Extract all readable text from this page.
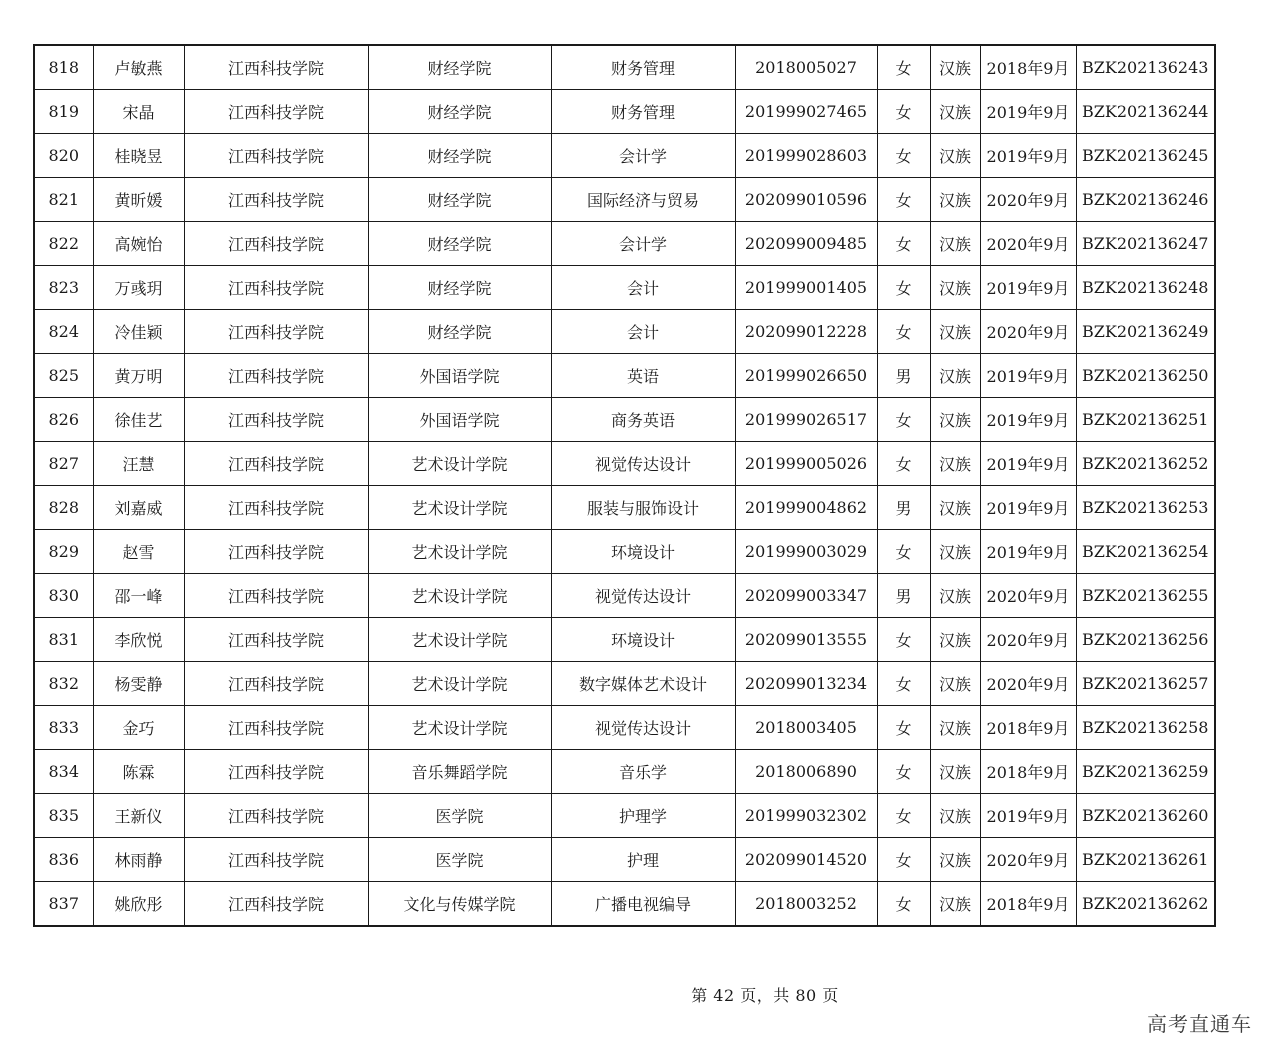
818	卢敏燕	江西科技学院	财经学院	财务管理	2018005027	女	汉族	2018年9月	BZK202136243
819	宋晶	江西科技学院	财经学院	财务管理	201999027465	女	汉族	2019年9月	BZK202136244
820	桂晓昱	江西科技学院	财经学院	会计学	201999028603	女	汉族	2019年9月	BZK202136245
821	黄昕媛	江西科技学院	财经学院	国际经济与贸易	202099010596	女	汉族	2020年9月	BZK202136246
822	高婉怡	江西科技学院	财经学院	会计学	202099009485	女	汉族	2020年9月	BZK202136247
823	万彧玥	江西科技学院	财经学院	会计	201999001405	女	汉族	2019年9月	BZK202136248
824	冷佳颖	江西科技学院	财经学院	会计	202099012228	女	汉族	2020年9月	BZK202136249
825	黄万明	江西科技学院	外国语学院	英语	201999026650	男	汉族	2019年9月	BZK202136250
826	徐佳艺	江西科技学院	外国语学院	商务英语	201999026517	女	汉族	2019年9月	BZK202136251
827	汪慧	江西科技学院	艺术设计学院	视觉传达设计	201999005026	女	汉族	2019年9月	BZK202136252
828	刘嘉威	江西科技学院	艺术设计学院	服装与服饰设计	201999004862	男	汉族	2019年9月	BZK202136253
829	赵雪	江西科技学院	艺术设计学院	环境设计	201999003029	女	汉族	2019年9月	BZK202136254
830	邵一峰	江西科技学院	艺术设计学院	视觉传达设计	202099003347	男	汉族	2020年9月	BZK202136255
831	李欣悦	江西科技学院	艺术设计学院	环境设计	202099013555	女	汉族	2020年9月	BZK202136256
832	杨雯静	江西科技学院	艺术设计学院	数字媒体艺术设计	202099013234	女	汉族	2020年9月	BZK202136257
833	金巧	江西科技学院	艺术设计学院	视觉传达设计	2018003405	女	汉族	2018年9月	BZK202136258
834	陈霖	江西科技学院	音乐舞蹈学院	音乐学	2018006890	女	汉族	2018年9月	BZK202136259
835	王新仪	江西科技学院	医学院	护理学	201999032302	女	汉族	2019年9月	BZK202136260
836	林雨静	江西科技学院	医学院	护理	202099014520	女	汉族	2020年9月	BZK202136261
837	姚欣彤	江西科技学院	文化与传媒学院	广播电视编导	2018003252	女	汉族	2018年9月	BZK202136262
第 42 页，共 80 页
高考直通车
